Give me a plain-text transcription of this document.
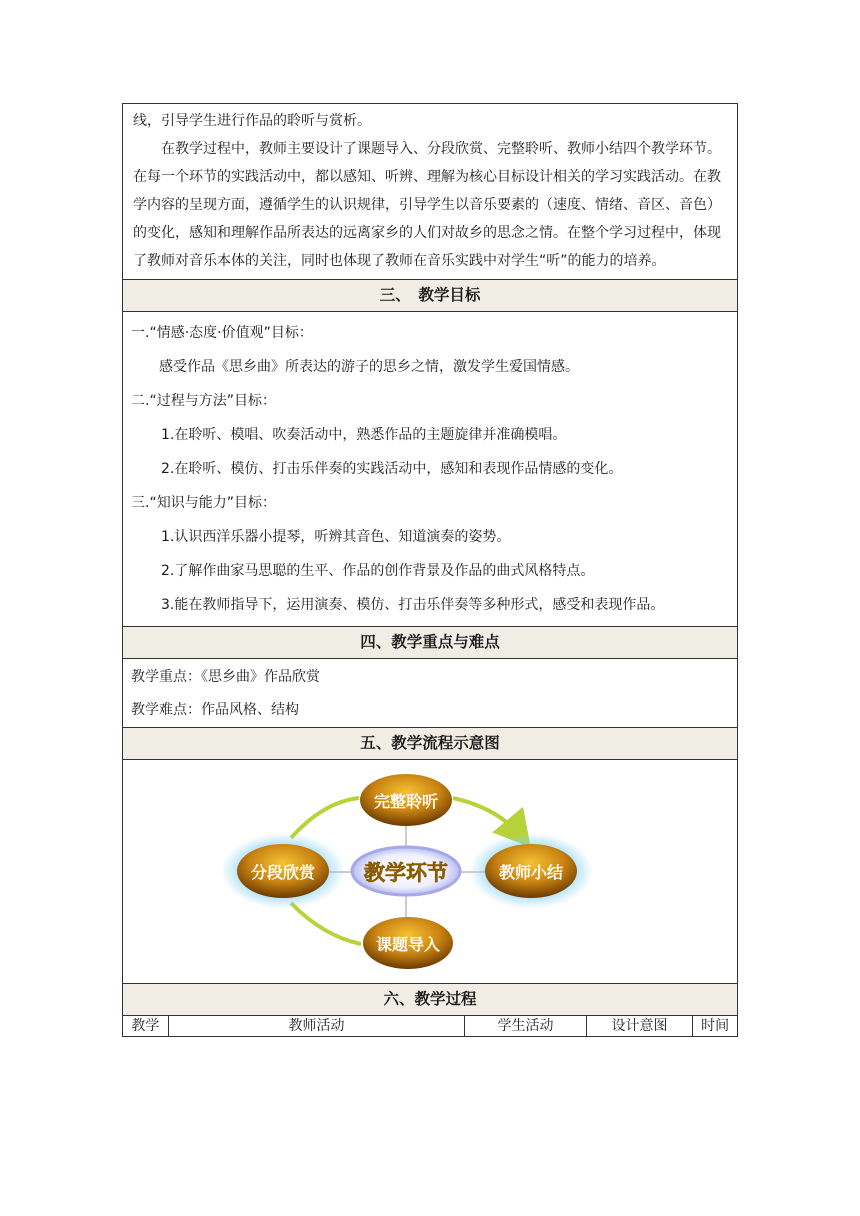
线，引导学生进行作品的聆听与赏析。
在教学过程中，教师主要设计了课题导入、分段欣赏、完整聆听、教师小结四个教学环节。在每一个环节的实践活动中，都以感知、听辨、理解为核心目标设计相关的学习实践活动。在教学内容的呈现方面，遵循学生的认识规律，引导学生以音乐要素的（速度、情绪、音区、音色）的变化，感知和理解作品所表达的远离家乡的人们对故乡的思念之情。在整个学习过程中，体现了教师对音乐本体的关注，同时也体现了教师在音乐实践中对学生“听”的能力的培养。
三、　教学目标
一.“情感·态度·价值观”目标：
感受作品《思乡曲》所表达的游子的思乡之情，激发学生爱国情感。
二.“过程与方法”目标：
1.在聆听、模唱、吹奏活动中，熟悉作品的主题旋律并准确模唱。
2.在聆听、模仿、打击乐伴奏的实践活动中，感知和表现作品情感的变化。
三.“知识与能力”目标：
1.认识西洋乐器小提琴，听辨其音色、知道演奏的姿势。
2.了解作曲家马思聪的生平、作品的创作背景及作品的曲式风格特点。
3.能在教师指导下，运用演奏、模仿、打击乐伴奏等多种形式，感受和表现作品。
四、教学重点与难点
教学重点：《思乡曲》作品欣赏
教学难点：作品风格、结构
五、教学流程示意图
教学环节
完整聆听
分段欣赏	教师小结
课题导入
六、教学过程
教学	教师活动	学生活动	设计意图	时间
